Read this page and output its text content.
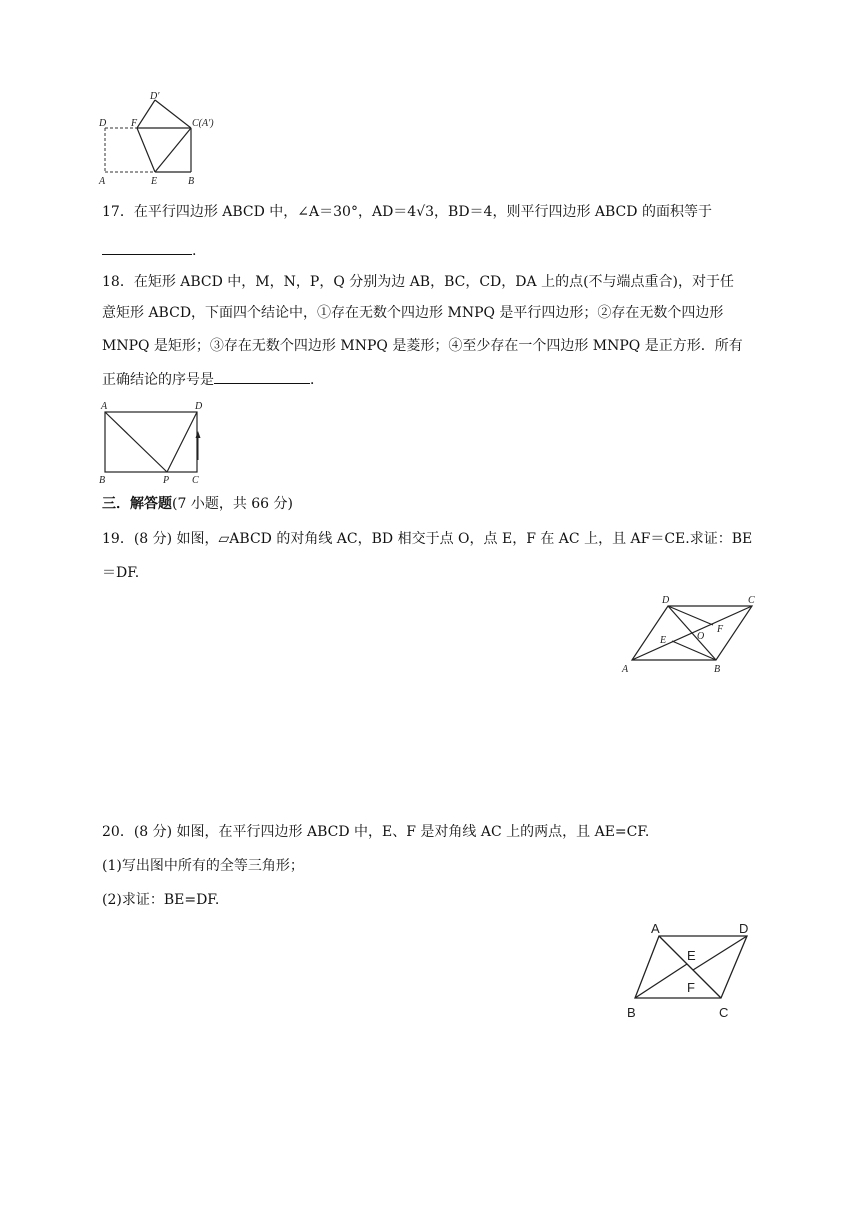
D F
D′
C(A′)
A	E	B
17．在平行四边形 ABCD 中，∠A＝30°，AD＝4√3，BD＝4，则平行四边形 ABCD 的面积等于
.
18．在矩形 ABCD 中，M，N，P，Q 分别为边 AB，BC，CD，DA 上的点(不与端点重合)，对于任
意矩形 ABCD，下面四个结论中，①存在无数个四边形 MNPQ 是平行四边形；②存在无数个四边形
MNPQ 是矩形；③存在无数个四边形 MNPQ 是菱形；④至少存在一个四边形 MNPQ 是正方形．所有
正确结论的序号是	．
A	D
B	P C
三．解答题(7 小题，共 66 分)
19．(8 分) 如图，▱ABCD 的对角线 AC，BD 相交于点 O，点 E，F 在 AC 上，且 AF＝CE.求证：BE
＝DF.
D	C
F
O
E
A	B
20．(8 分) 如图，在平行四边形 ABCD 中，E、F 是对角线 AC 上的两点，且 AE=CF.
(1)写出图中所有的全等三角形；
(2)求证：BE=DF.
A	D
E
F
B	C
